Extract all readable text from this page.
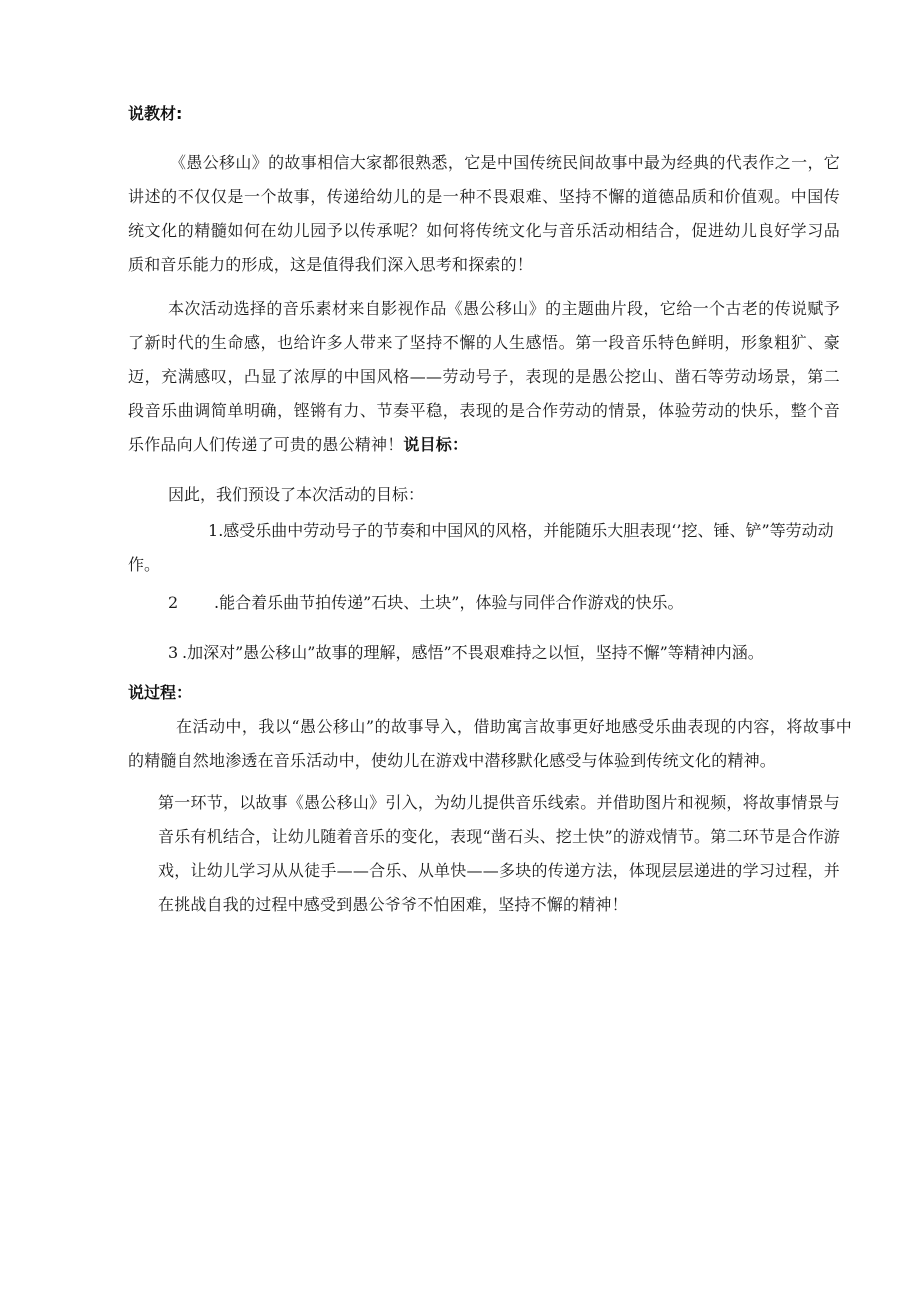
说教材:
《愚公移山》的故事相信大家都很熟悉，它是中国传统民间故事中最为经典的代表作之一，它讲述的不仅仅是一个故事，传递给幼儿的是一种不畏艰难、坚持不懈的道德品质和价值观。中国传统文化的精髓如何在幼儿园予以传承呢？如何将传统文化与音乐活动相结合，促进幼儿良好学习品质和音乐能力的形成，这是值得我们深入思考和探索的！
本次活动选择的音乐素材来自影视作品《愚公移山》的主题曲片段，它给一个古老的传说赋予了新时代的生命感，也给许多人带来了坚持不懈的人生感悟。第一段音乐特色鲜明，形象粗犷、豪迈，充满感叹，凸显了浓厚的中国风格——劳动号子，表现的是愚公挖山、凿石等劳动场景，第二段音乐曲调简单明确，铿锵有力、节奏平稳，表现的是合作劳动的情景，体验劳动的快乐，整个音乐作品向人们传递了可贵的愚公精神！说目标：
因此，我们预设了本次活动的目标：
1.感受乐曲中劳动号子的节奏和中国风的风格，并能随乐大胆表现‘’挖、锤、铲”等劳动动作。
2 .能合着乐曲节拍传递”石块、土块”，体验与同伴合作游戏的快乐。
3 .加深对”愚公移山”故事的理解，感悟”不畏艰难持之以恒，坚持不懈”等精神内涵。
说过程：
在活动中，我以“愚公移山”的故事导入，借助寓言故事更好地感受乐曲表现的内容，将故事中的精髓自然地渗透在音乐活动中，使幼儿在游戏中潜移默化感受与体验到传统文化的精神。
第一环节，以故事《愚公移山》引入，为幼儿提供音乐线索。并借助图片和视频，将故事情景与音乐有机结合，让幼儿随着音乐的变化，表现“凿石头、挖土快”的游戏情节。第二环节是合作游戏，让幼儿学习从从徒手——合乐、从单快——多块的传递方法，体现层层递进的学习过程，并在挑战自我的过程中感受到愚公爷爷不怕困难，坚持不懈的精神！
